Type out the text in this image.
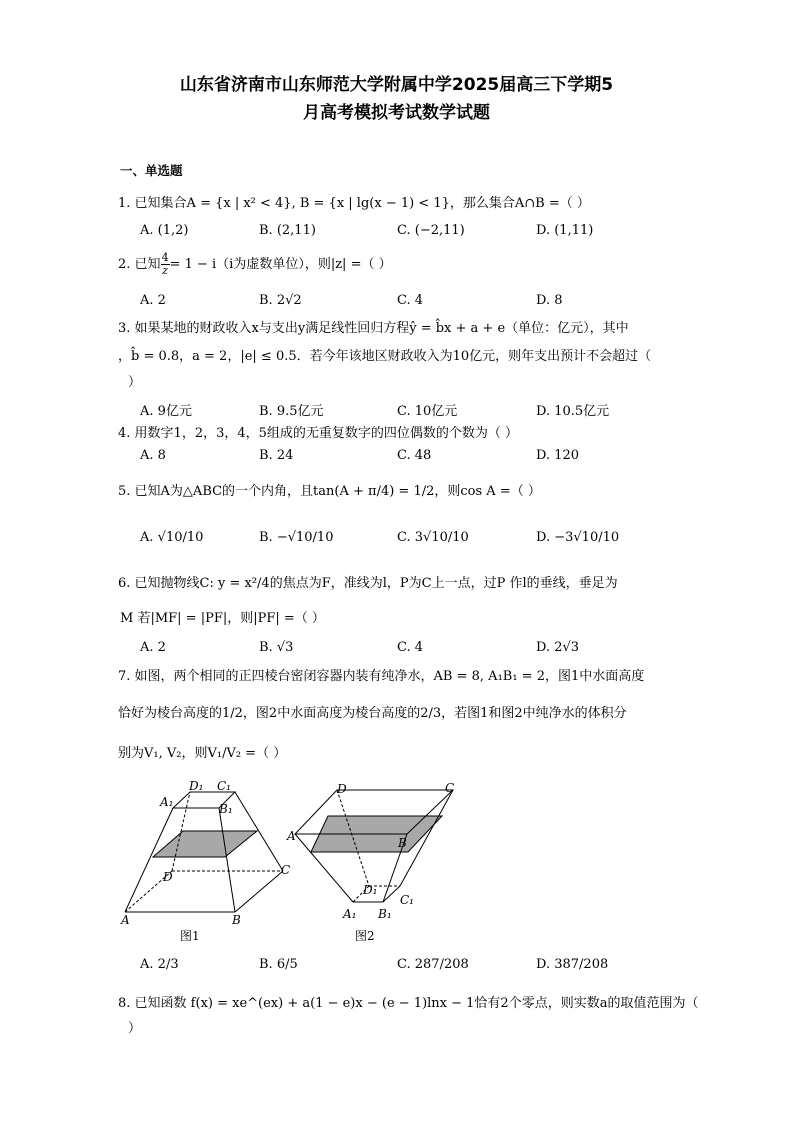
山东省济南市山东师范大学附属中学2025届高三下学期5
月高考模拟考试数学试题
一、单选题
1. 已知集合A = {x | x² < 4}, B = {x | lg(x − 1) < 1}，那么集合A∩B =（ ）
A. (1,2)	B. (2,11)	C. (−2,11)	D. (1,11)
2. 已知 $\frac{4}{z} = 1 - i(i$为虚数单位），则|z| =（ ）
A. 2	B. 2√2	C. 4	D. 8
3. 如果某地的财政收入x与支出y满足线性回归方程ŷ = b̂x + a + e（单位：亿元），其中
，b̂ = 0.8，a = 2，|e| ≤ 0.5．若今年该地区财政收入为10亿元，则年支出预计不会超过（
）
A. 9亿元	B. 9.5亿元	C. 10亿元	D. 10.5亿元
4. 用数字1，2，3，4，5组成的无重复数字的四位偶数的个数为（ ）
A. 8	B. 24	C. 48	D. 120
5. 已知A为△ABC的一个内角，且tan(A + π/4) = 1/2，则cos A =（ ）
A. √10/10	B. −√10/10	C. 3√10/10	D. −3√10/10
6. 已知抛物线C: y = x²/4的焦点为F，准线为l，P为C上一点，过P 作l的垂线，垂足为
M 若|MF| = |PF|，则|PF| =（ ）
A. 2	B. √3	C. 4	D. 2√3
7. 如图，两个相同的正四棱台密闭容器内装有纯净水，AB = 8, A₁B₁ = 2，图1中水面高度
恰好为棱台高度的1/2，图2中水面高度为棱台高度的2/3，若图1和图2中纯净水的体积分
别为V₁, V₂，则V₁/V₂ =（ ）
D₁ C₁
A₁	B₁
D	C
A	B
图1
D	C
A	B
D₁
C₁
A₁ B₁
图2
A. 2/3	B. 6/5	C. 287/208	D. 387/208
8. 已知函数 f(x) = xe^(ex) + a(1 − e)x − (e − 1)lnx − 1恰有2个零点，则实数a的取值范围为（
）
